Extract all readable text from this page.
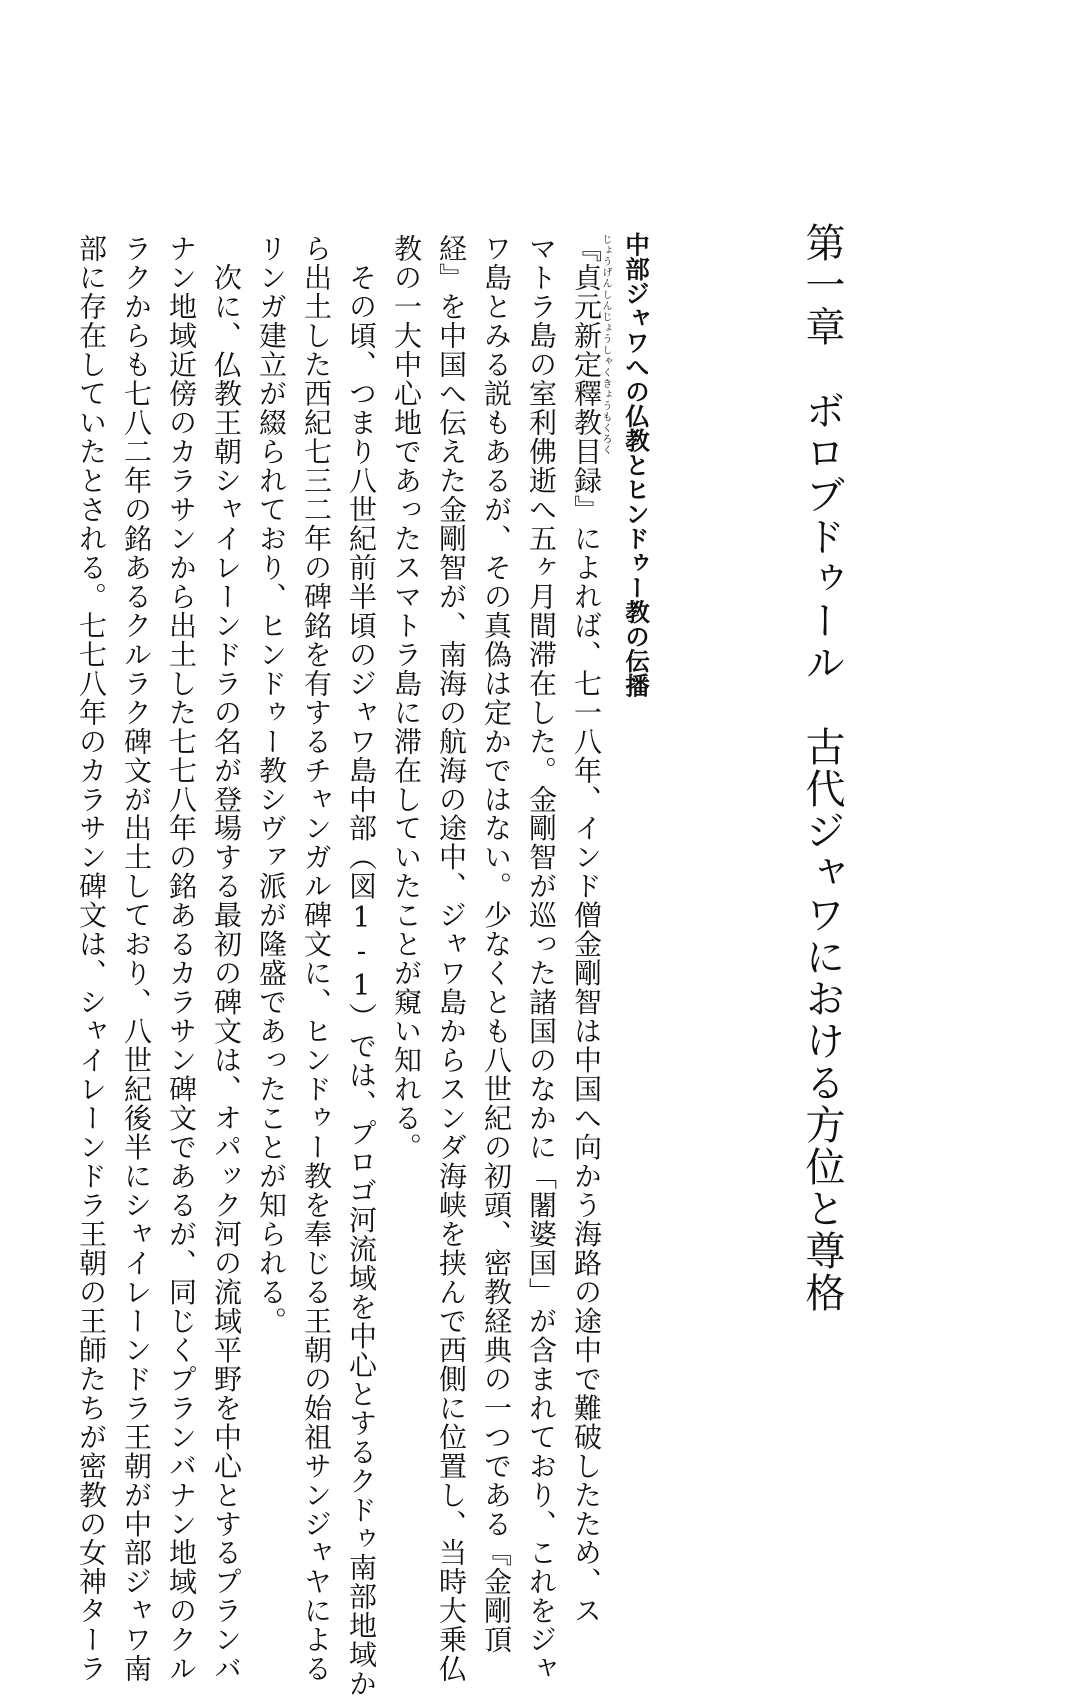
第一章　ボロブドゥール　古代ジャワにおける方位と尊格
中部ジャワへの仏教とヒンドゥー教の伝播
じょうげんしんじょうしゃくきょうもくろく
『貞元新定釋教目録』によれば、七一八年、インド僧金剛智は中国へ向かう海路の途中で難破したため、ス
マトラ島の室利佛逝へ五ヶ月間滞在した。金剛智が巡った諸国のなかに「闍婆国」が含まれており、これをジャ
ワ島とみる説もあるが、その真偽は定かではない。少なくとも八世紀の初頭、密教経典の一つである『金剛頂
経』を中国へ伝えた金剛智が、南海の航海の途中、ジャワ島からスンダ海峡を挟んで西側に位置し、当時大乗仏
教の一大中心地であったスマトラ島に滞在していたことが窺い知れる。
　その頃、つまり八世紀前半頃のジャワ島中部（図1-1）では、プロゴ河流域を中心とするクドゥ南部地域か
ら出土した西紀七三二年の碑銘を有するチャンガル碑文に、ヒンドゥー教を奉じる王朝の始祖サンジャヤによる
リンガ建立が綴られており、ヒンドゥー教シヴァ派が隆盛であったことが知られる。
　次に、仏教王朝シャイレーンドラの名が登場する最初の碑文は、オパック河の流域平野を中心とするプランバ
ナン地域近傍のカラサンから出土した七七八年の銘あるカラサン碑文であるが、同じくプランバナン地域のクル
ラクからも七八二年の銘あるクルラク碑文が出土しており、八世紀後半にシャイレーンドラ王朝が中部ジャワ南
部に存在していたとされる。七七八年のカラサン碑文は、シャイレーンドラ王朝の王師たちが密教の女神ターラ
